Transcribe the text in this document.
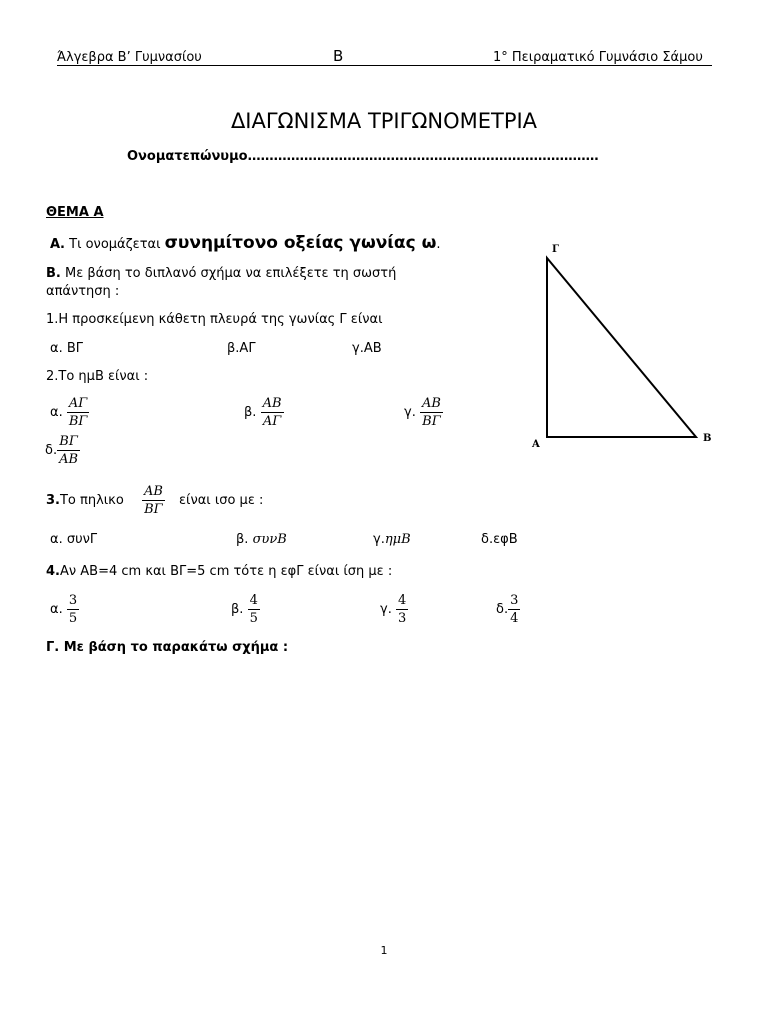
Άλγεβρα Β’ Γυμνασίου	Β	1° Πειραματικό Γυμνάσιο Σάμου
ΔΙΑΓΩΝΙΣΜΑ ΤΡΙΓΩΝΟΜΕΤΡΙΑ
Ονοματεπώνυμο………………………………………………………………………
ΘΕΜΑ Α
Α. Τι ονομάζεται συνημίτονο οξείας γωνίας ω.
Β. Με βάση το διπλανό σχήμα να επιλέξετε τη σωστή
απάντηση :
1.Η προσκείμενη κάθετη πλευρά της γωνίας Γ είναι
α. ΒΓ	β.ΑΓ	γ.ΑΒ
2.Το ημΒ είναι :
α. $\frac{A\Gamma}{B\Gamma}$	β. $\frac{AB}{A\Gamma}$	γ. $\frac{AB}{B\Gamma}$
δ. $\frac{B\Gamma}{AB}$
3.Το πηλικο $\frac{AB}{B\Gamma}$ είναι ισο με :
α. συνΓ	β. συνΒ	γ.ημΒ	δ.εφΒ
4.Αν ΑΒ=4 cm και ΒΓ=5 cm τότε η εφΓ είναι ίση με :
α. $\frac{3}{5}$	β. $\frac{4}{5}$	γ. $\frac{4}{3}$	δ. $\frac{3}{4}$
Γ. Με βάση το παρακάτω σχήμα :
Γ
Α
Β
1
